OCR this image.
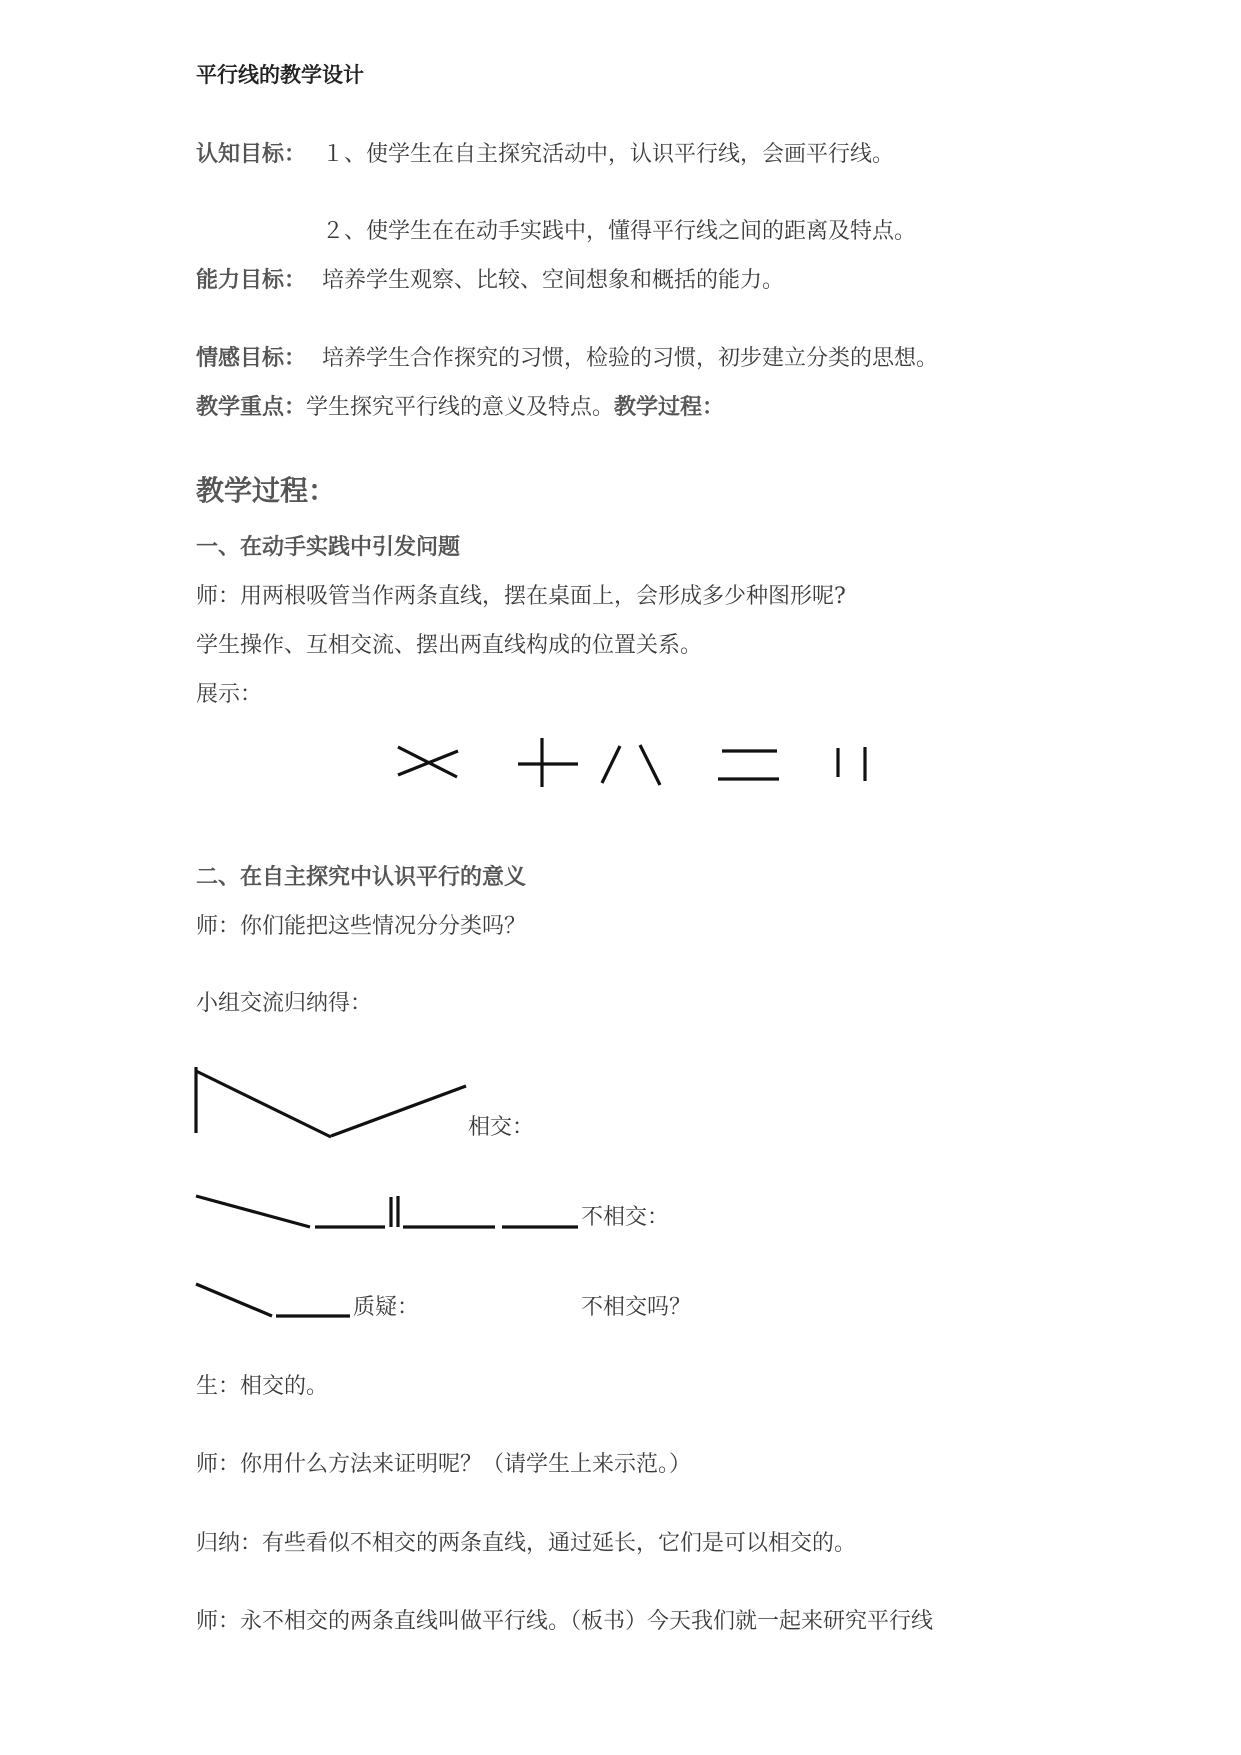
平行线的教学设计
认知目标： １、使学生在自主探究活动中，认识平行线，会画平行线。
２、使学生在在动手实践中，懂得平行线之间的距离及特点。
能力目标： 培养学生观察、比较、空间想象和概括的能力。
情感目标： 培养学生合作探究的习惯，检验的习惯，初步建立分类的思想。
教学重点：学生探究平行线的意义及特点。教学过程：
教学过程：
一、在动手实践中引发问题
师：用两根吸管当作两条直线，摆在桌面上，会形成多少种图形呢?
学生操作、互相交流、摆出两直线构成的位置关系。
展示：
二、在自主探究中认识平行的意义
师：你们能把这些情况分分类吗？
小组交流归纳得：
相交：
不相交：
质疑：	不相交吗？
生：相交的。
师：你用什么方法来证明呢？（请学生上来示范。）
归纳：有些看似不相交的两条直线，通过延长，它们是可以相交的。
师：永不相交的两条直线叫做平行线。（板书）今天我们就一起来研究平行线
